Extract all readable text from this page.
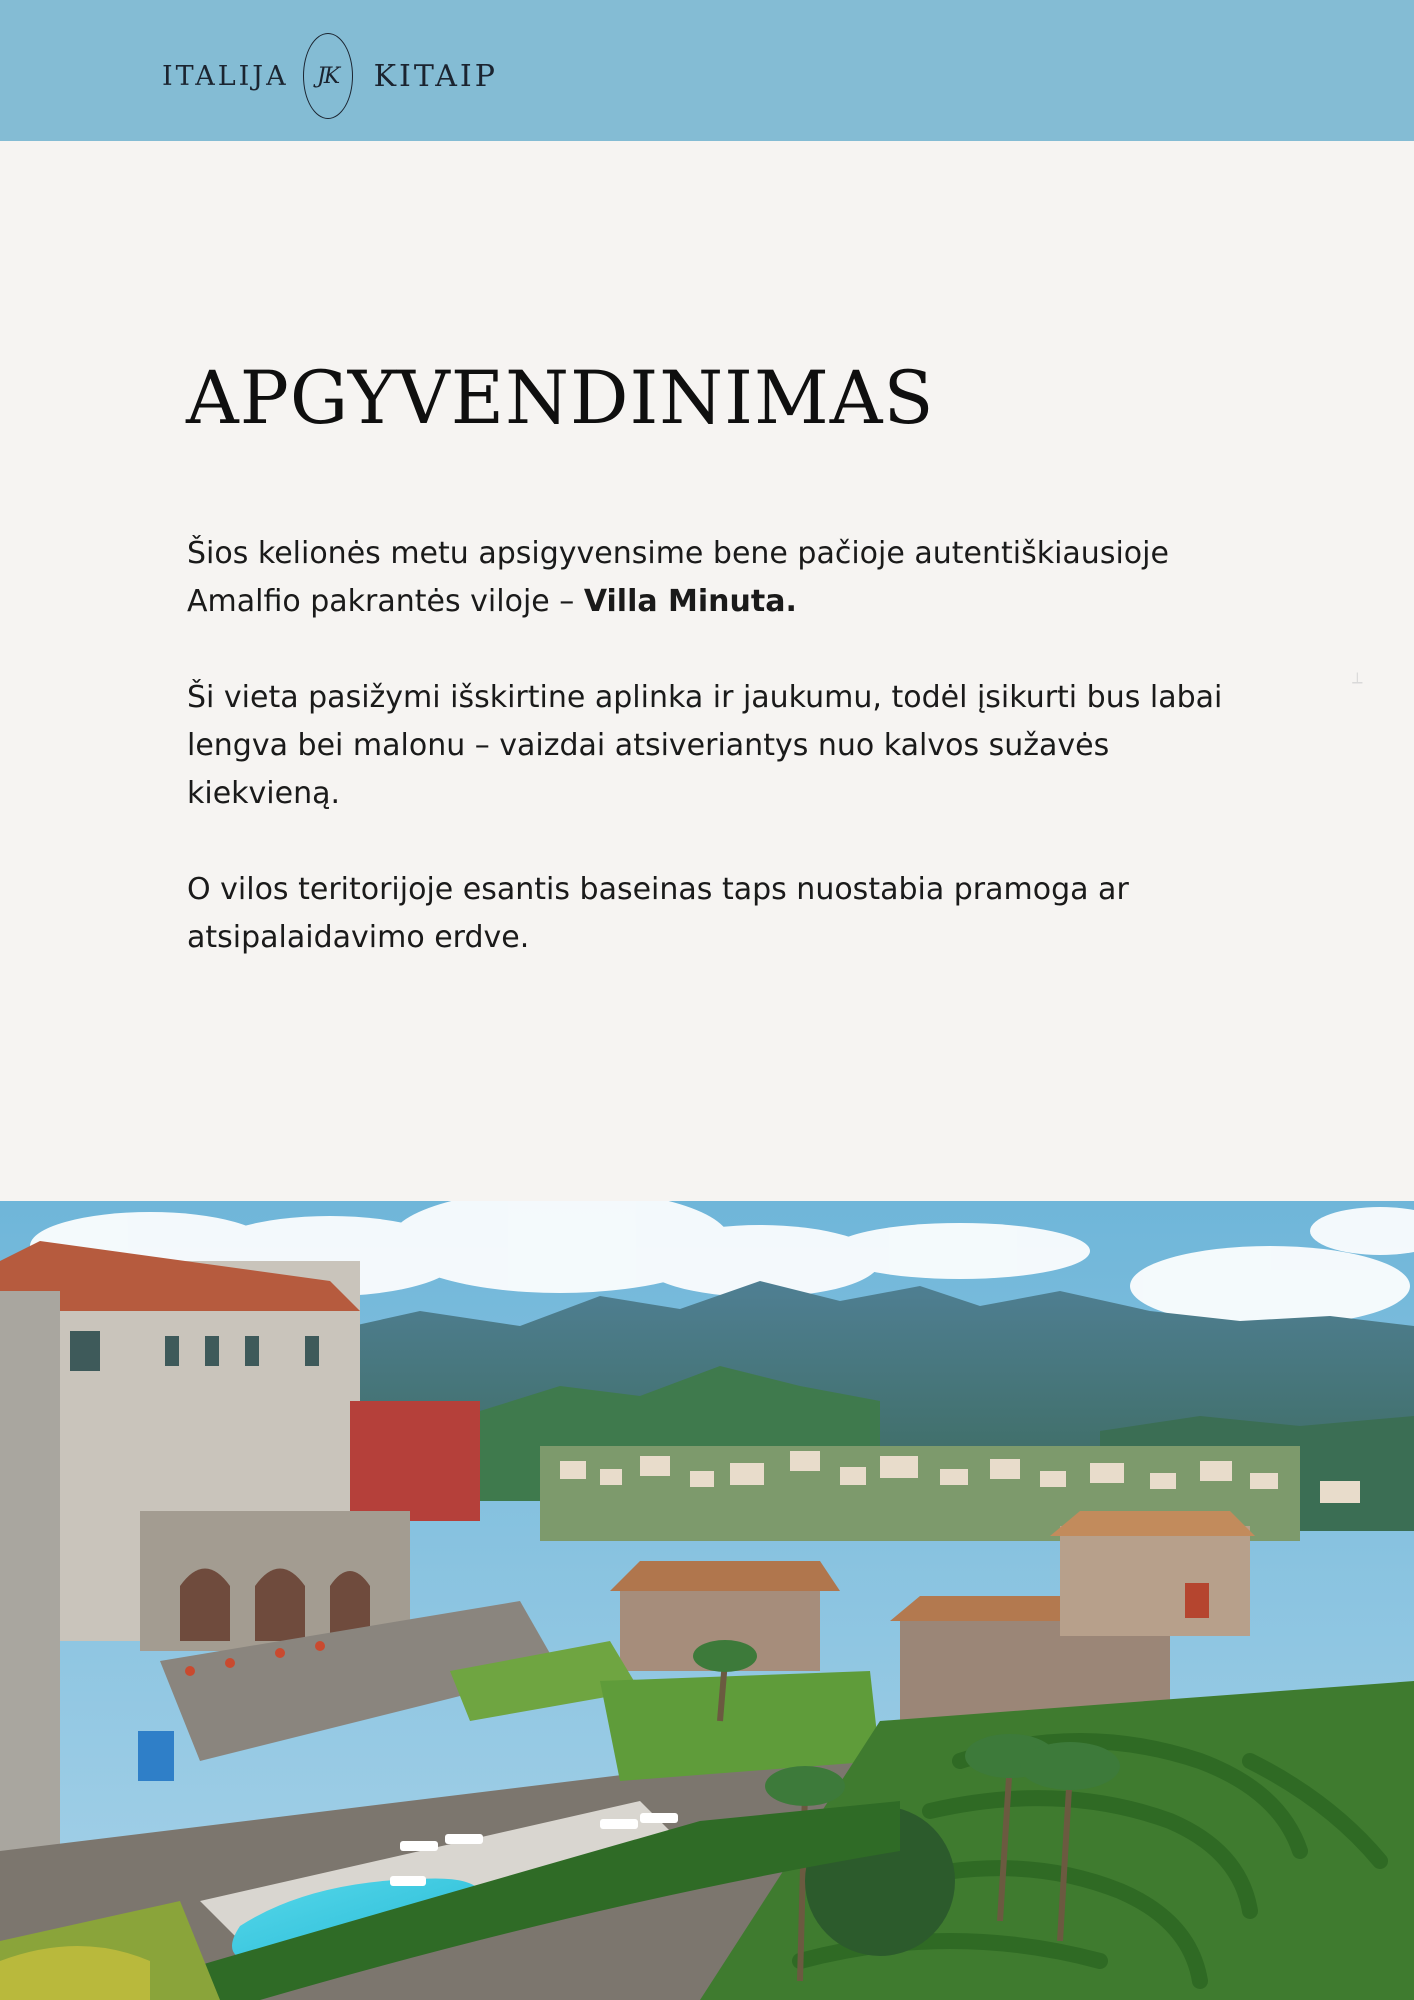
ITALIJA	JK	KITAIP
APGYVENDINIMAS

Šios kelionės metu apsigyvensime bene pačioje autentiškiausioje Amalfio pakrantės viloje – Villa Minuta.

Ši vieta pasižymi išskirtine aplinka ir jaukumu, todėl įsikurti bus labai lengva bei malonu – vaizdai atsiveriantys nuo kalvos sužavės kiekvieną.

O vilos teritorijoje esantis baseinas taps nuostabia pramoga ar atsipalaidavimo erdve.

⟂
